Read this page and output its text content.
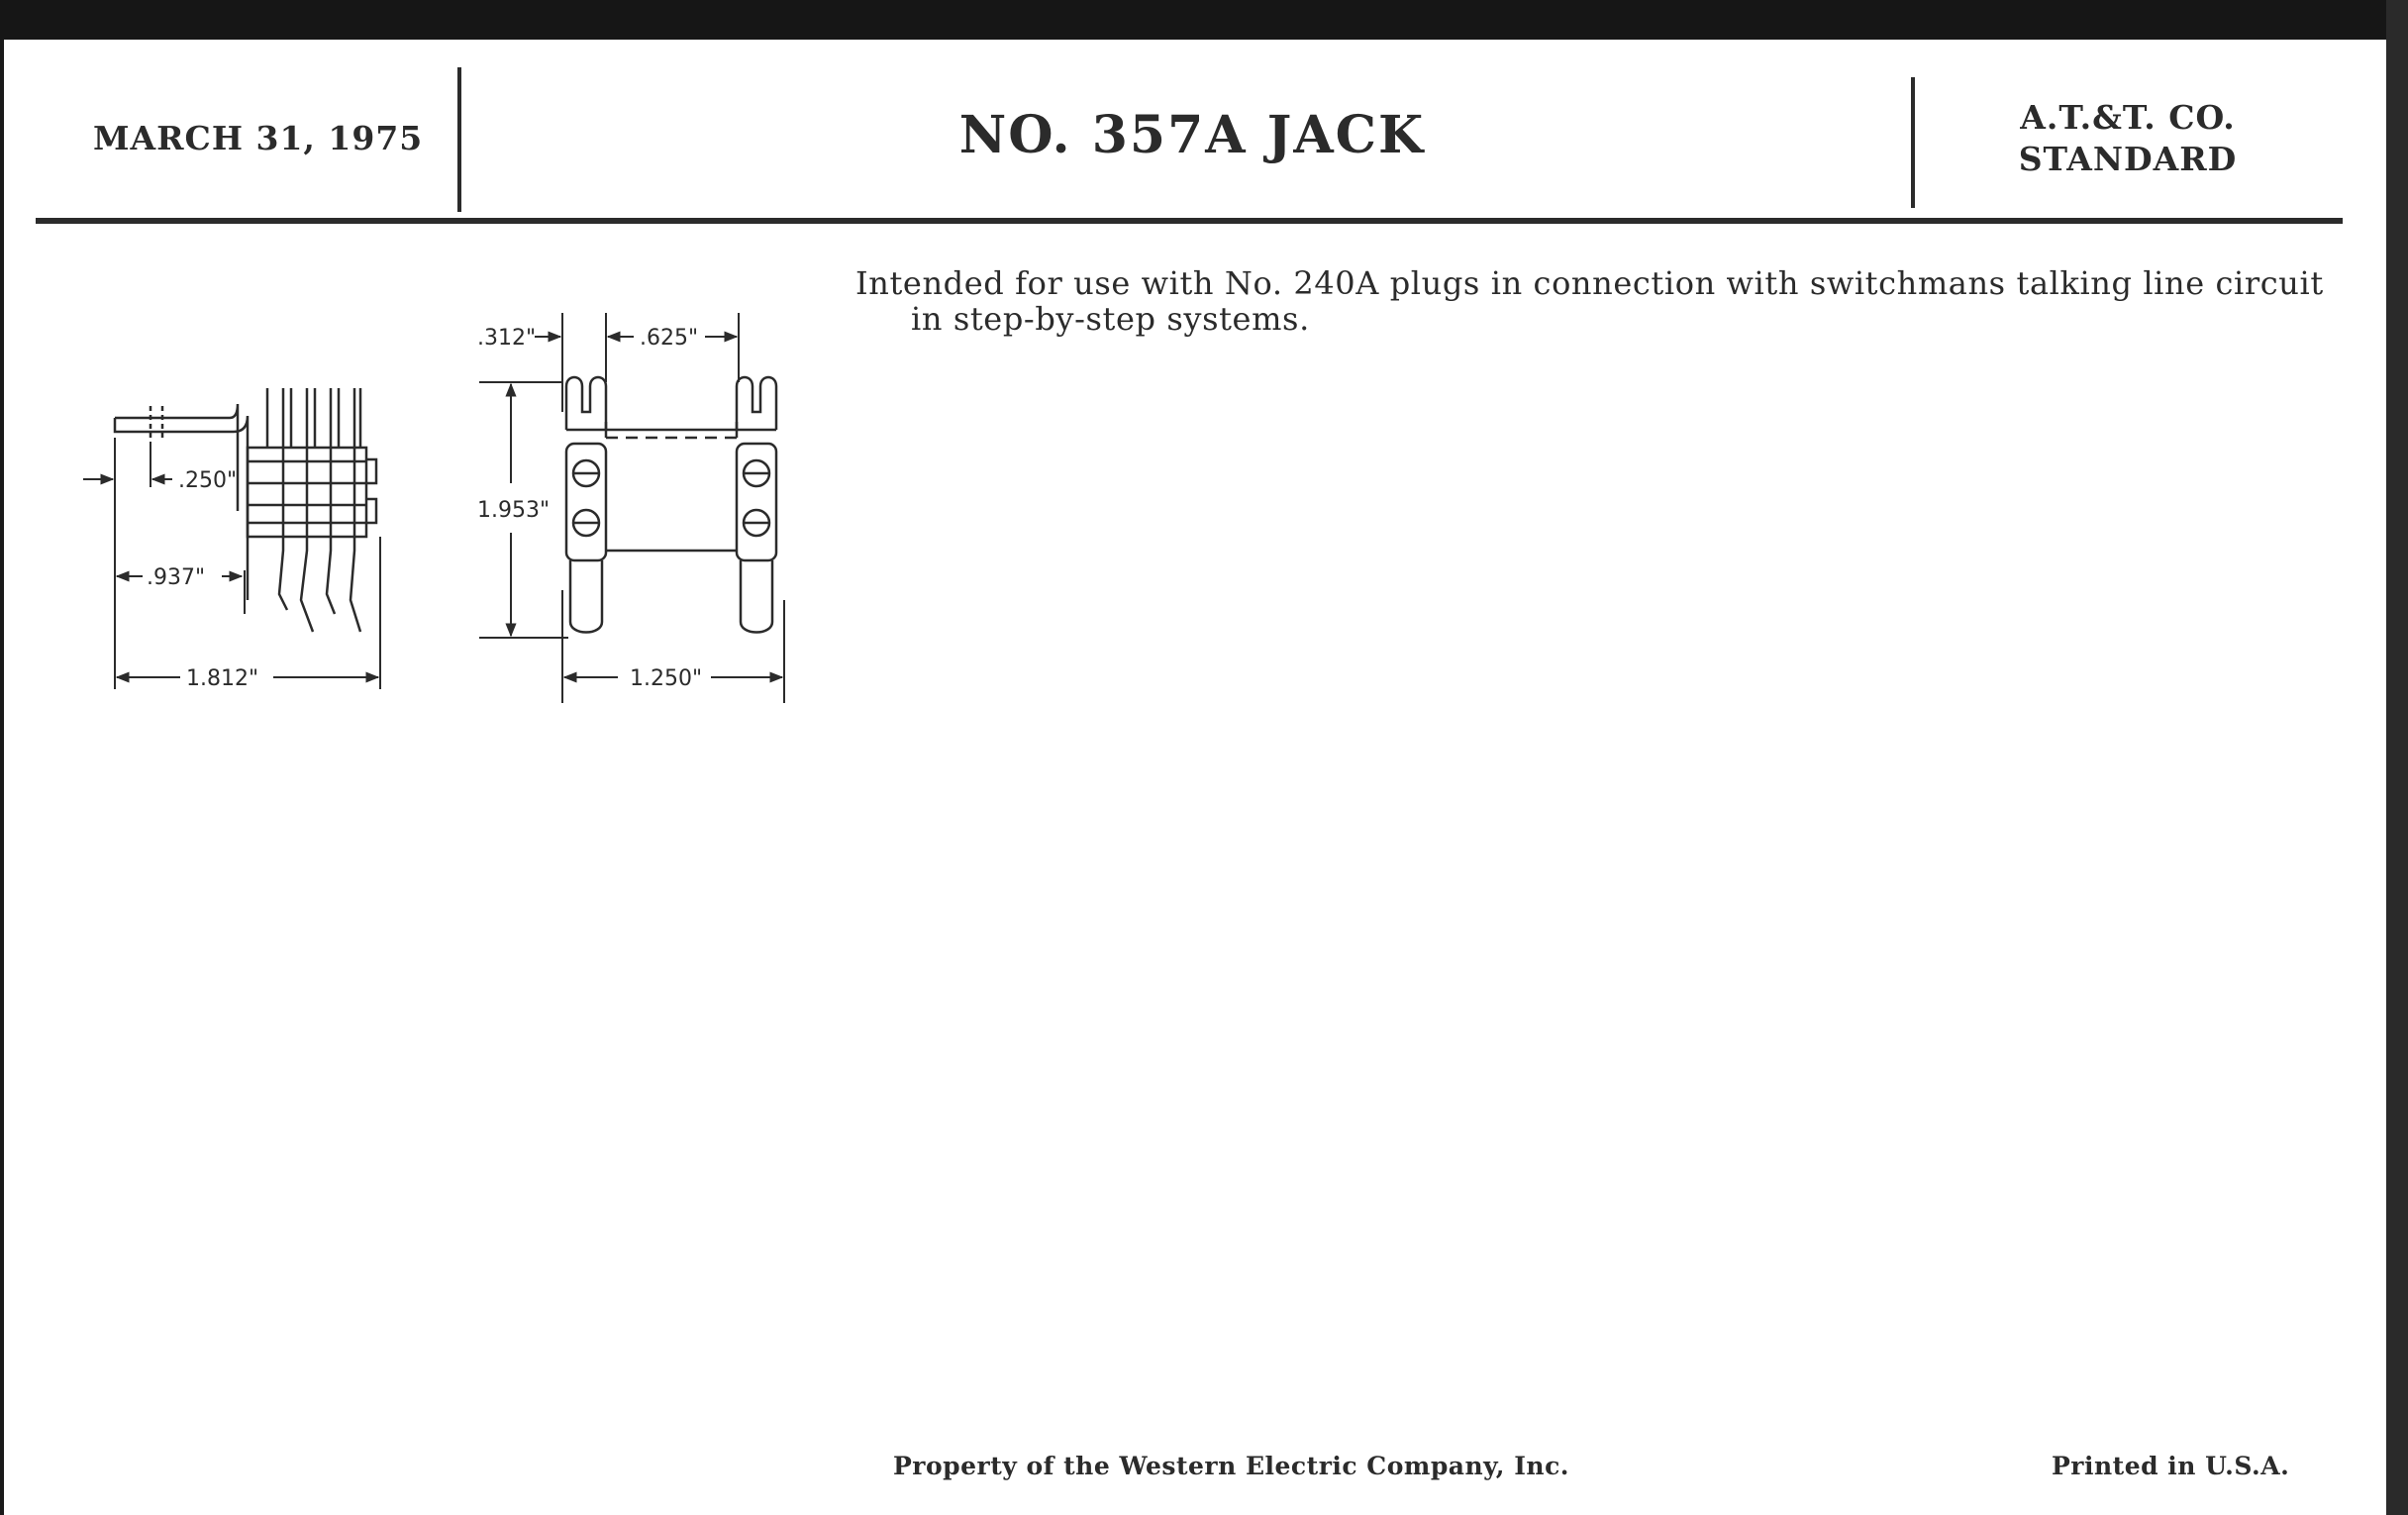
MARCH 31, 1975	NO. 357A JACK	A.T.&T. CO.
STANDARD

Intended for use with No. 240A plugs in connection with switchmans talking line circuit in step-by-step systems.

.250"
.937"
1.812"
.312"	.625"
1.953"
1.250"
Property of the Western Electric Company, Inc.	Printed in U.S.A.
